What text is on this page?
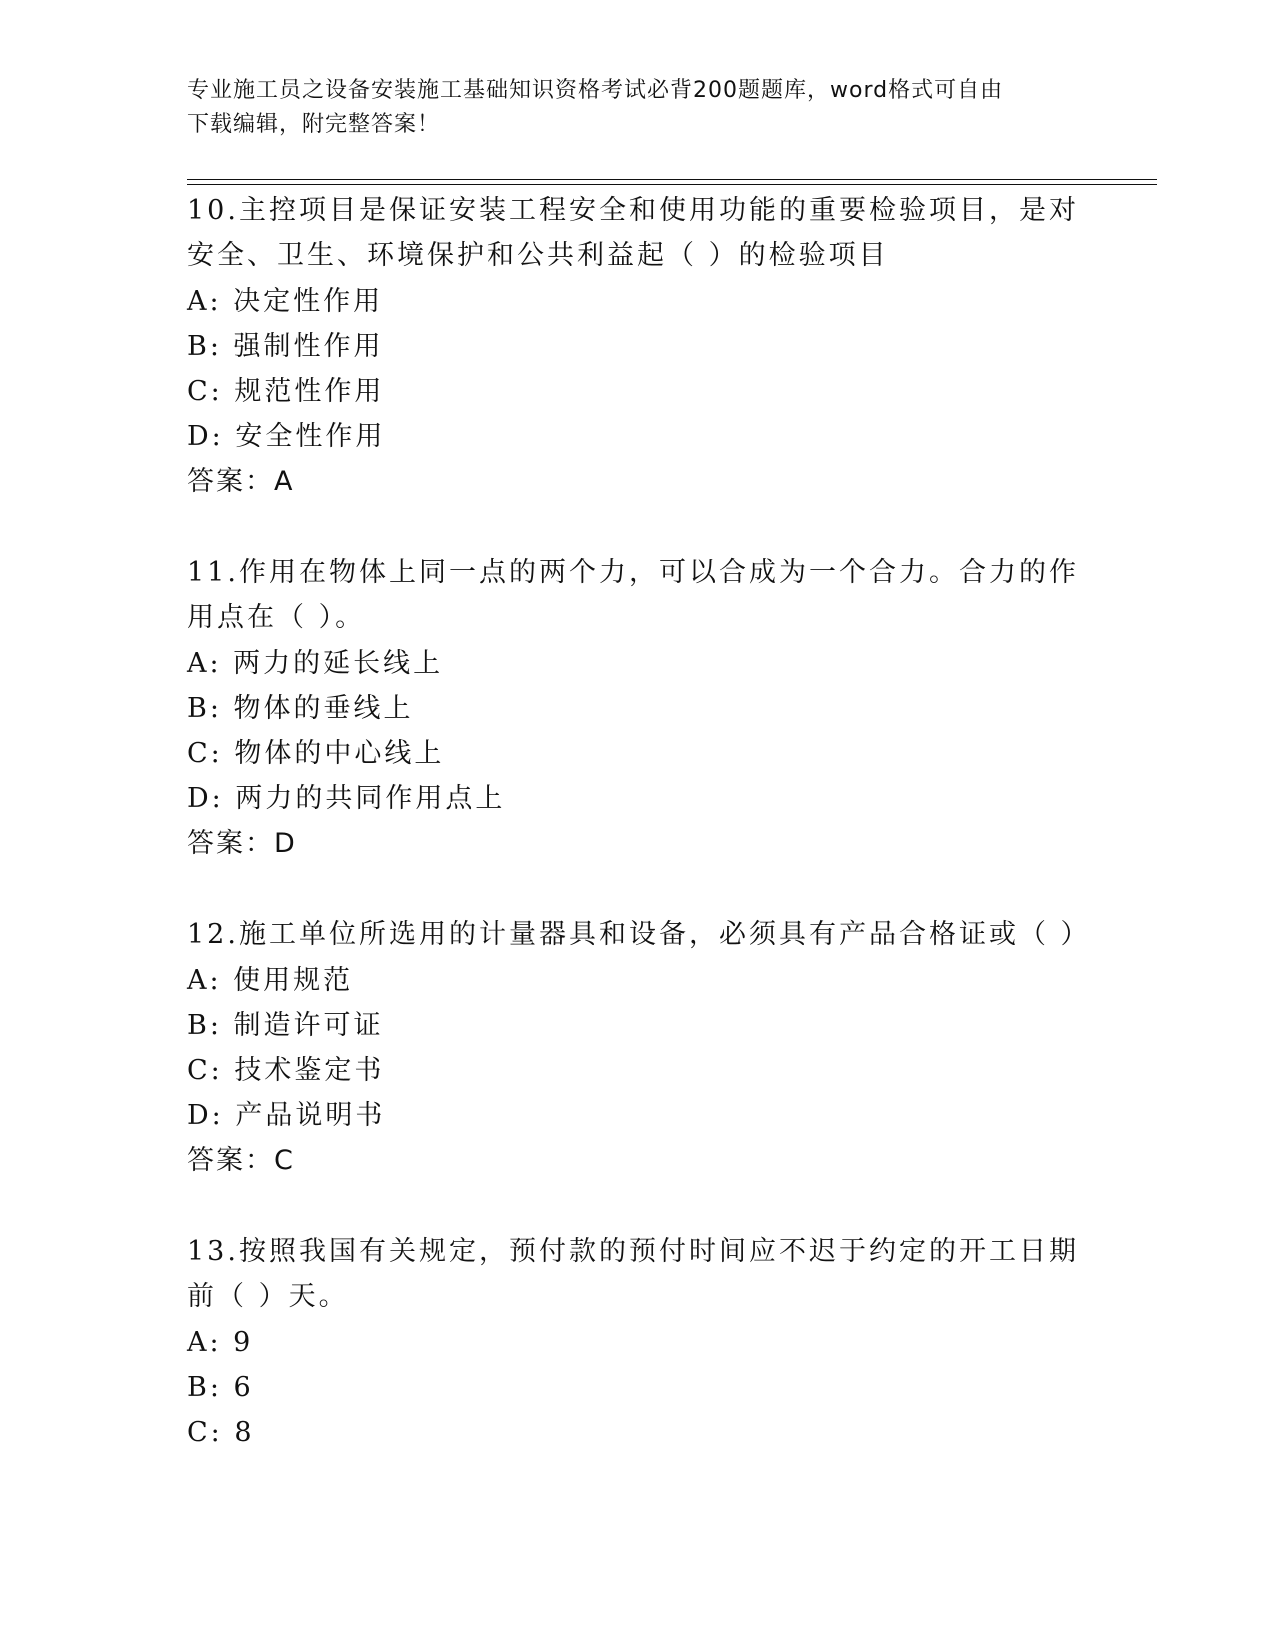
专业施工员之设备安装施工基础知识资格考试必背200题题库，word格式可自由
下载编辑，附完整答案！
10.主控项目是保证安装工程安全和使用功能的重要检验项目，是对安全、卫生、环境保护和公共利益起（ ）的检验项目
A: 决定性作用
B: 强制性作用
C: 规范性作用
D: 安全性作用
答案：A
11.作用在物体上同一点的两个力，可以合成为一个合力。合力的作用点在（ ）。
A: 两力的延长线上
B: 物体的垂线上
C: 物体的中心线上
D: 两力的共同作用点上
答案：D
12.施工单位所选用的计量器具和设备，必须具有产品合格证或（ ）
A: 使用规范
B: 制造许可证
C: 技术鉴定书
D: 产品说明书
答案：C
13.按照我国有关规定，预付款的预付时间应不迟于约定的开工日期前（ ）天。
A: 9
B: 6
C: 8
